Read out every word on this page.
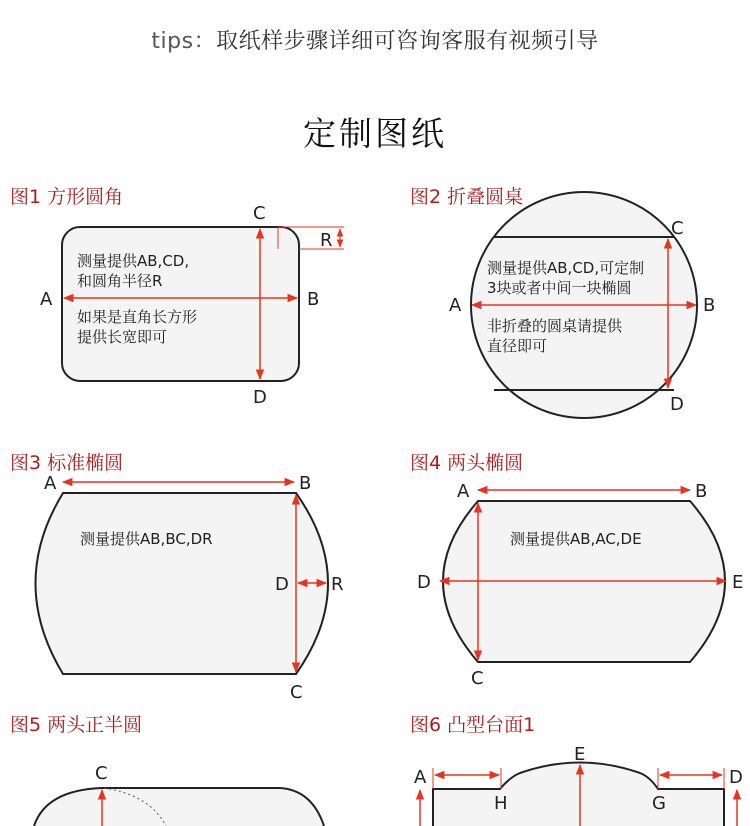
tips：取纸样步骤详细可咨询客服有视频引导
定制图纸
图1 方形圆角	图2 折叠圆桌
图3 标准椭圆	图4 两头椭圆
图5 两头正半圆	图6 凸型台面1
A	B
C
D
R
测量提供AB,CD,
和圆角半径R
如果是直角长方形
提供长宽即可
A	B
C
D
测量提供AB,CD,可定制
3块或者中间一块椭圆
非折叠的圆桌请提供
直径即可
A	B
C
D R
测量提供AB,BC,DR
A	B
C
D	E
测量提供AB,AC,DE
C	A	D
E
G
H
